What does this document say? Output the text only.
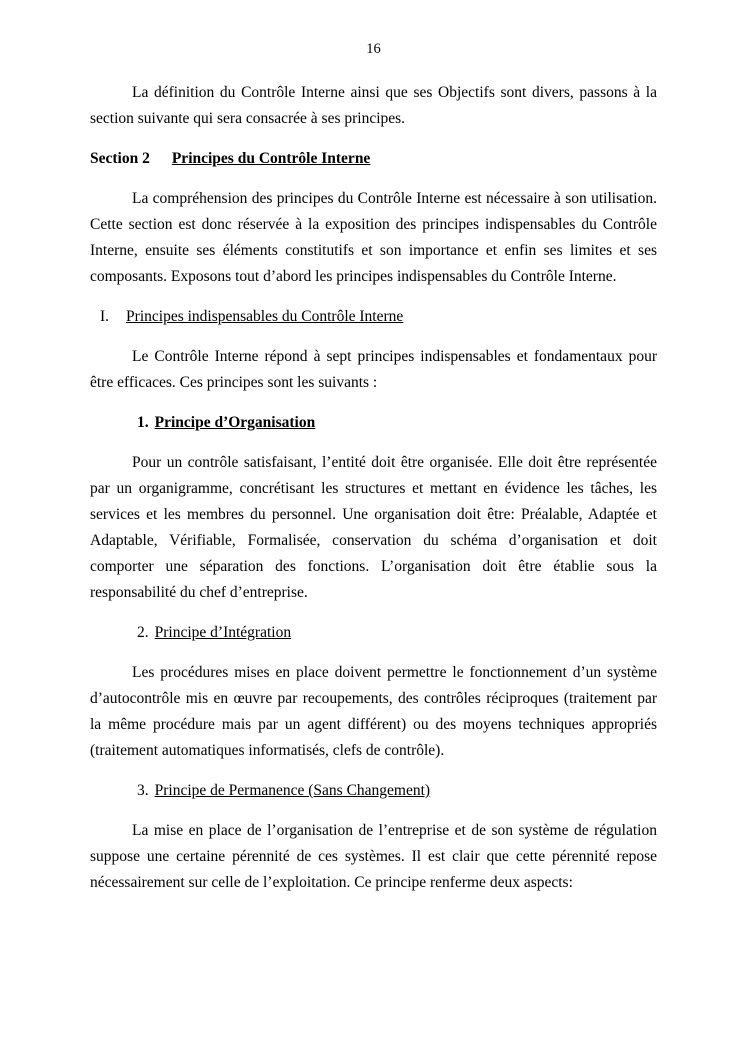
16

La définition du Contrôle Interne ainsi que ses Objectifs sont divers, passons à la section suivante qui sera consacrée à ses principes.

Section 2 Principes du Contrôle Interne

La compréhension des principes du Contrôle Interne est nécessaire à son utilisation. Cette section est donc réservée à la exposition des principes indispensables du Contrôle Interne, ensuite ses éléments constitutifs et son importance et enfin ses limites et ses composants. Exposons tout d’abord les principes indispensables du Contrôle Interne.

I. Principes indispensables du Contrôle Interne

Le Contrôle Interne répond à sept principes indispensables et fondamentaux pour être efficaces. Ces principes sont les suivants :

1. Principe d’Organisation

Pour un contrôle satisfaisant, l’entité doit être organisée. Elle doit être représentée par un organigramme, concrétisant les structures et mettant en évidence les tâches, les services et les membres du personnel. Une organisation doit être: Préalable, Adaptée et Adaptable, Vérifiable, Formalisée, conservation du schéma d’organisation et doit comporter une séparation des fonctions. L’organisation doit être établie sous la responsabilité du chef d’entreprise.

2. Principe d’Intégration

Les procédures mises en place doivent permettre le fonctionnement d’un système d’autocontrôle mis en œuvre par recoupements, des contrôles réciproques (traitement par la même procédure mais par un agent différent) ou des moyens techniques appropriés (traitement automatiques informatisés, clefs de contrôle).

3. Principe de Permanence (Sans Changement)

La mise en place de l’organisation de l’entreprise et de son système de régulation suppose une certaine pérennité de ces systèmes. Il est clair que cette pérennité repose nécessairement sur celle de l’exploitation. Ce principe renferme deux aspects:
